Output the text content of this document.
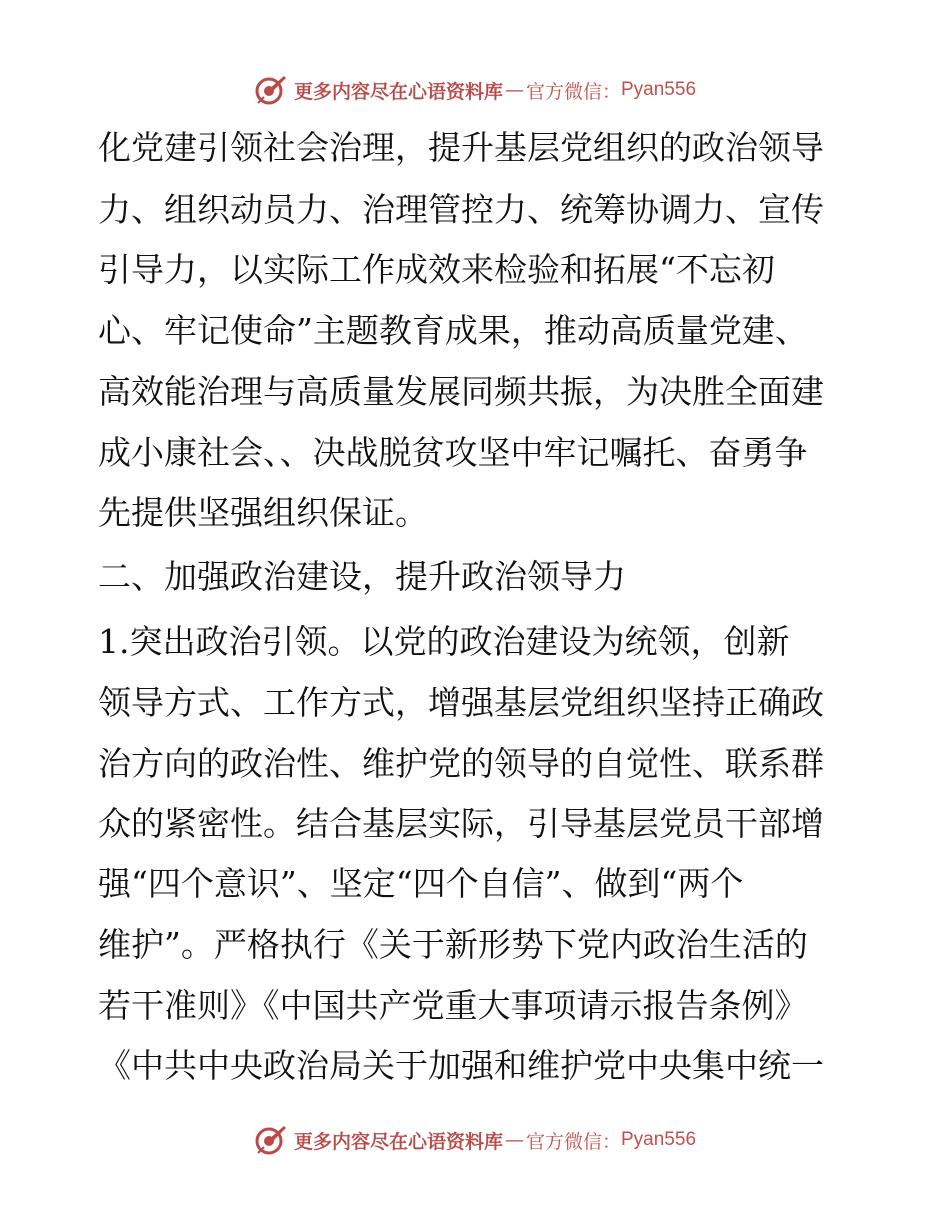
更多内容尽在心语资料库 — 官方微信： Pyan556
化党建引领社会治理，提升基层党组织的政治领导
力、组织动员力、治理管控力、统筹协调力、宣传
引导力，以实际工作成效来检验和拓展“不忘初
心、牢记使命”主题教育成果，推动高质量党建、
高效能治理与高质量发展同频共振，为决胜全面建
成小康社会、、决战脱贫攻坚中牢记嘱托、奋勇争
先提供坚强组织保证。
二、加强政治建设，提升政治领导力
1.突出政治引领。以党的政治建设为统领，创新
领导方式、工作方式，增强基层党组织坚持正确政
治方向的政治性、维护党的领导的自觉性、联系群
众的紧密性。结合基层实际，引导基层党员干部增
强“四个意识”、坚定“四个自信”、做到“两个
维护”。严格执行《关于新形势下党内政治生活的
若干准则》《中国共产党重大事项请示报告条例》
《中共中央政治局关于加强和维护党中央集中统一
更多内容尽在心语资料库 — 官方微信： Pyan556
